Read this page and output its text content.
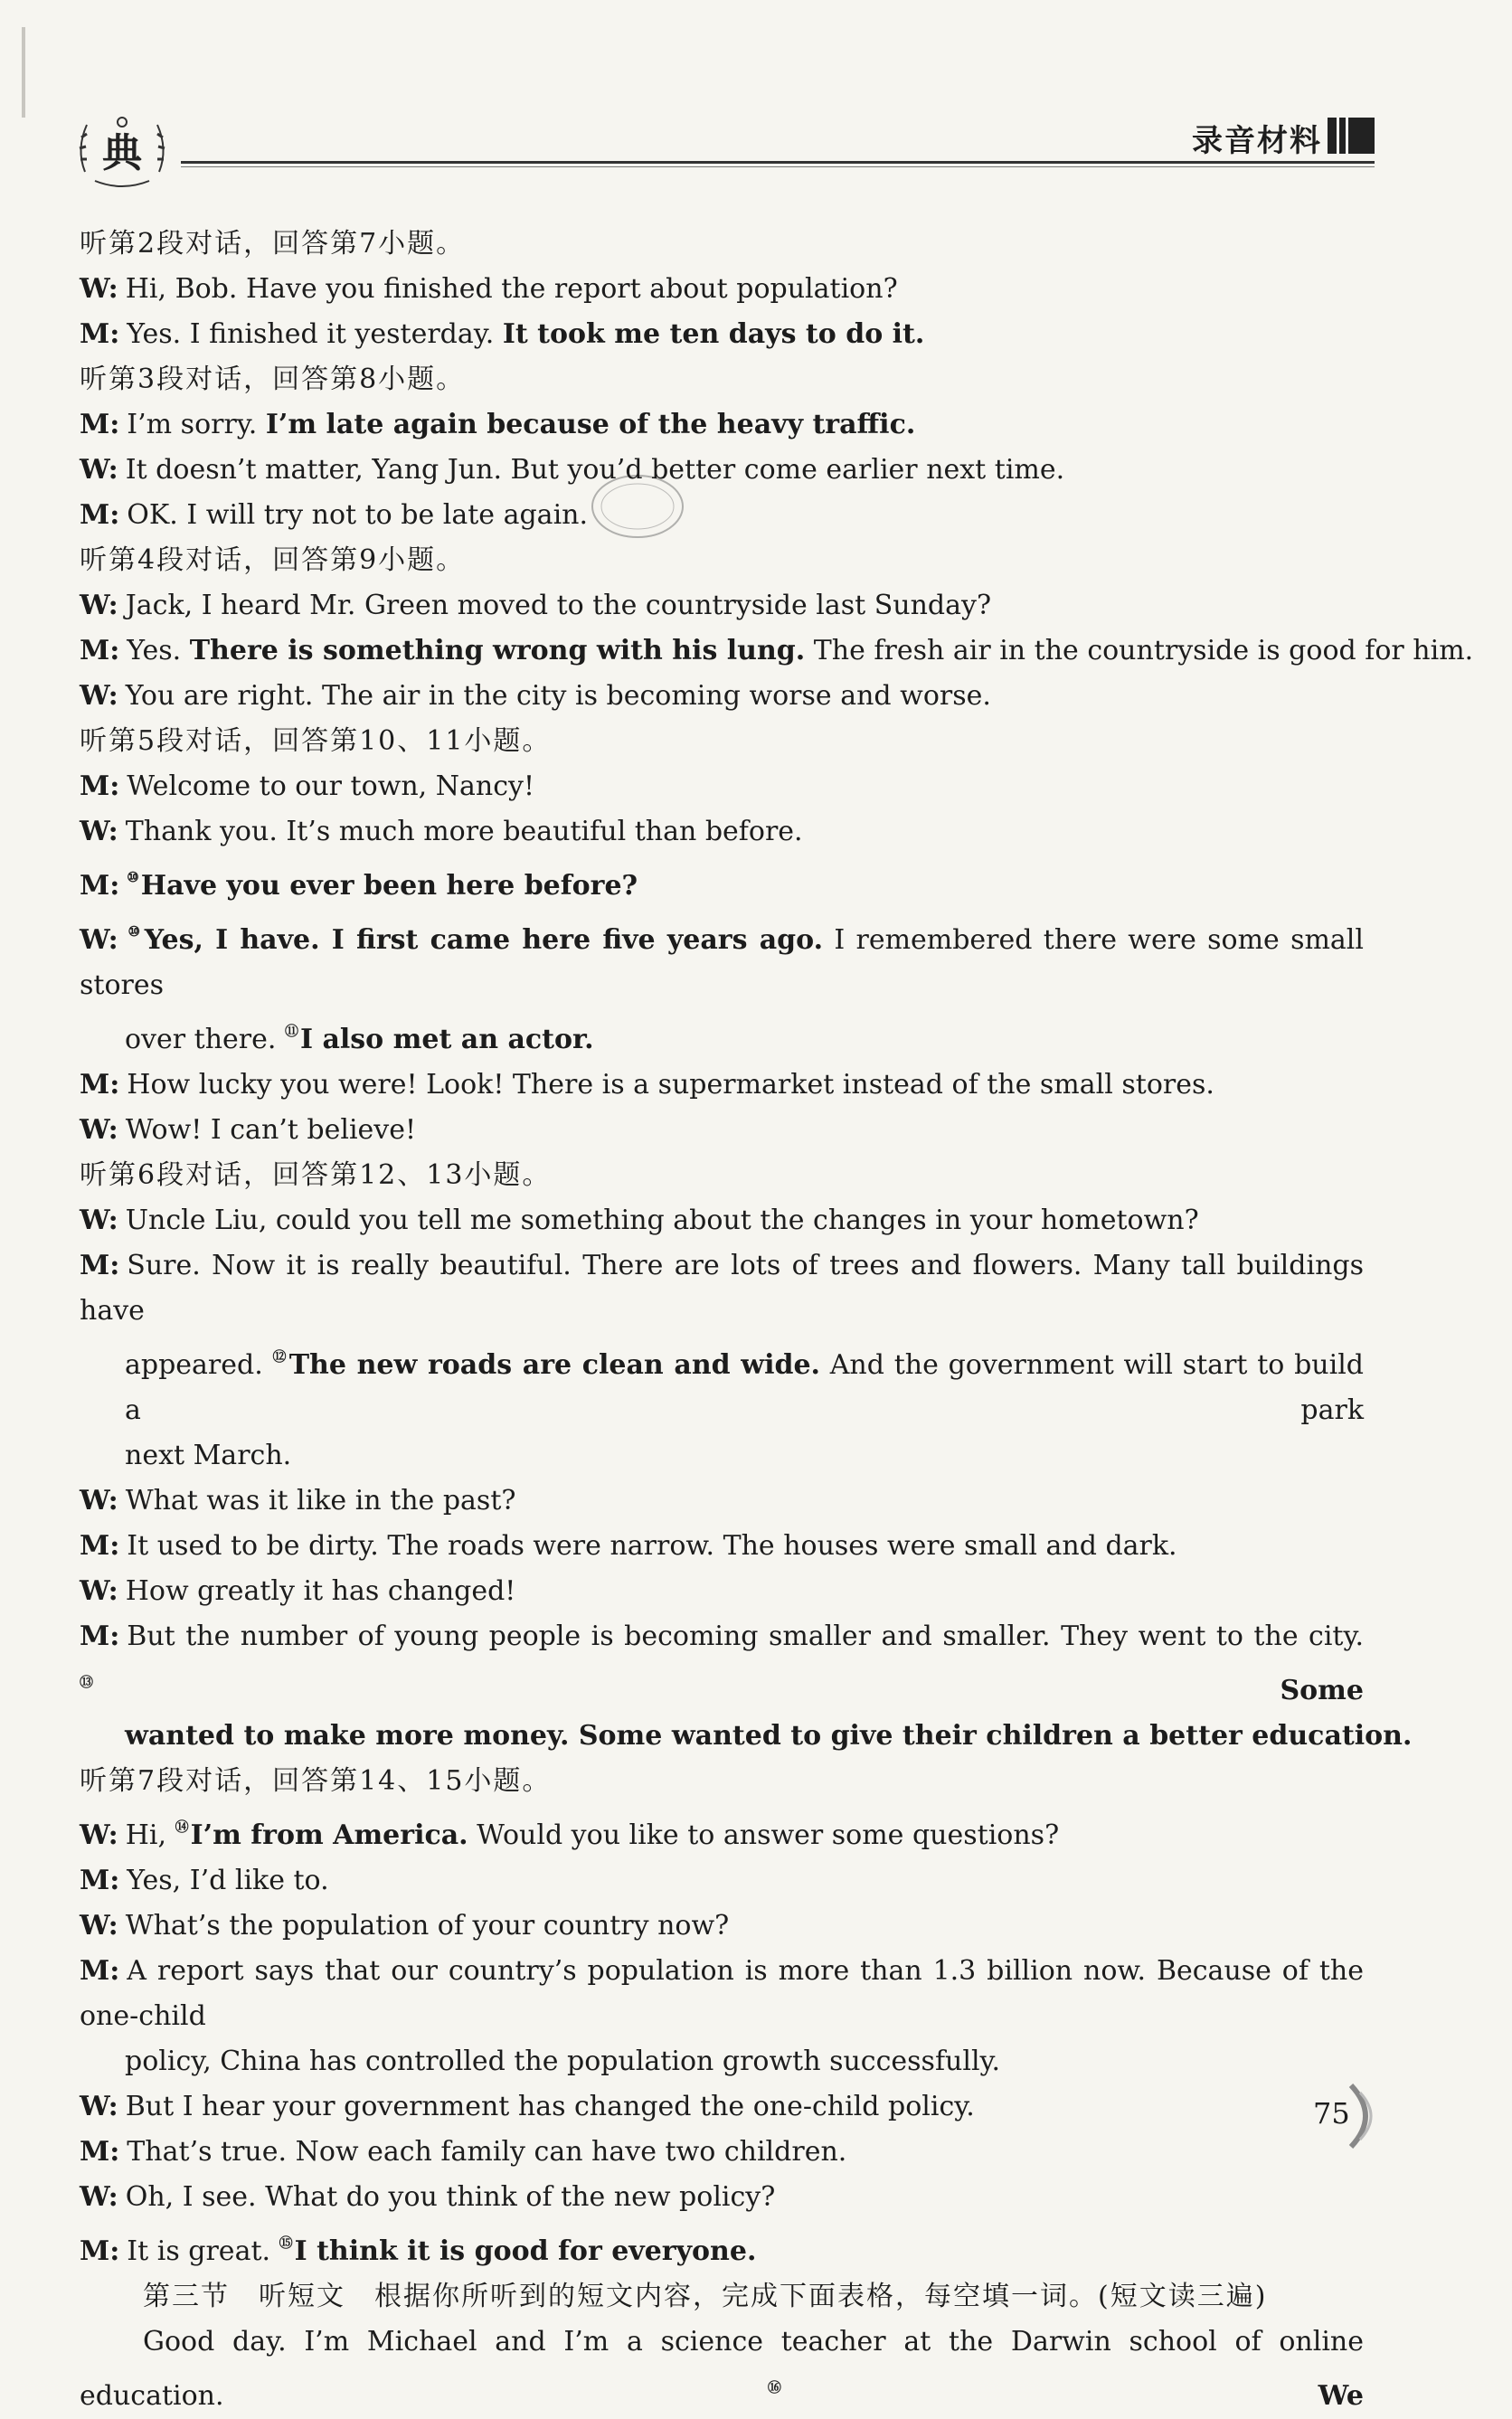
典	录音材料

听第2段对话，回答第7小题。

W: Hi, Bob. Have you finished the report about population?

M: Yes. I finished it yesterday. It took me ten days to do it.

听第3段对话，回答第8小题。

M: I’m sorry. I’m late again because of the heavy traffic.

W: It doesn’t matter, Yang Jun. But you’d better come earlier next time.

M: OK. I will try not to be late again.

听第4段对话，回答第9小题。

W: Jack, I heard Mr. Green moved to the countryside last Sunday?

M: Yes. There is something wrong with his lung. The fresh air in the countryside is good for him.

W: You are right. The air in the city is becoming worse and worse.

听第5段对话，回答第10、11小题。

M: Welcome to our town, Nancy!

W: Thank you. It’s much more beautiful than before.

M: ⑩Have you ever been here before?

W: ⑩Yes, I have. I first came here five years ago. I remembered there were some small stores

over there. ⑪I also met an actor.

M: How lucky you were! Look! There is a supermarket instead of the small stores.

W: Wow! I can’t believe!

听第6段对话，回答第12、13小题。

W: Uncle Liu, could you tell me something about the changes in your hometown?

M: Sure. Now it is really beautiful. There are lots of trees and flowers. Many tall buildings have

appeared. ⑫The new roads are clean and wide. And the government will start to build a park

next March.

W: What was it like in the past?

M: It used to be dirty. The roads were narrow. The houses were small and dark.

W: How greatly it has changed!

M: But the number of young people is becoming smaller and smaller. They went to the city. ⑬Some

wanted to make more money. Some wanted to give their children a better education.

听第7段对话，回答第14、15小题。

W: Hi, ⑭I’m from America. Would you like to answer some questions?

M: Yes, I’d like to.

W: What’s the population of your country now?

M: A report says that our country’s population is more than 1.3 billion now. Because of the one-child

policy, China has controlled the population growth successfully.

W: But I hear your government has changed the one-child policy.

M: That’s true. Now each family can have two children.

W: Oh, I see. What do you think of the new policy?

M: It is great. ⑮I think it is good for everyone.

第三节　听短文　根据你所听到的短文内容，完成下面表格，每空填一词。(短文读三遍)

Good day. I’m Michael and I’m a science teacher at the Darwin school of online education. ⑯We

75
